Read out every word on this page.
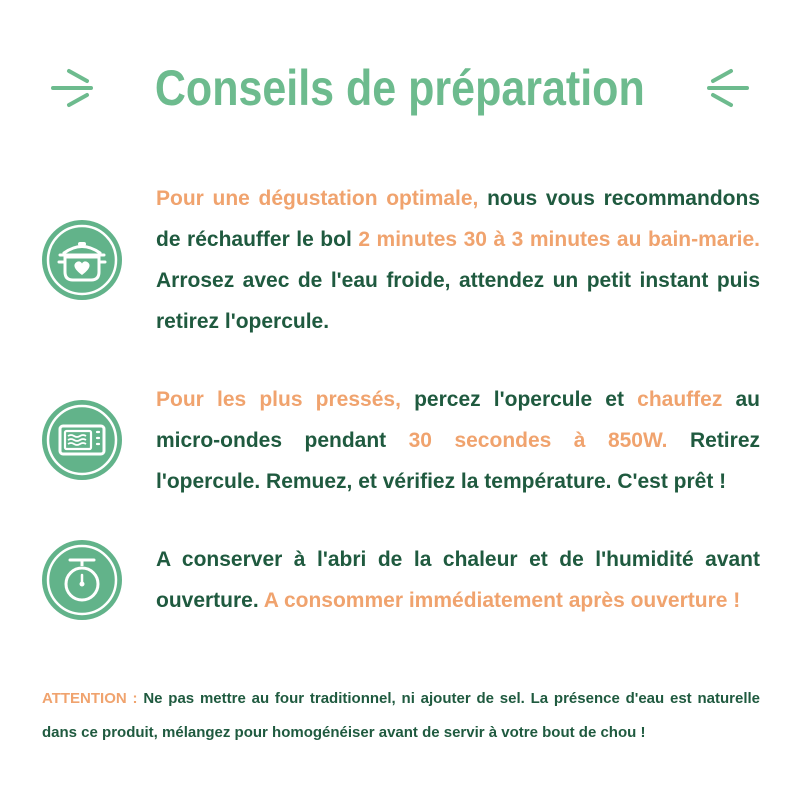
Conseils de préparation
Pour une dégustation optimale, nous vous recommandons de réchauffer le bol 2 minutes 30 à 3 minutes au bain-marie. Arrosez avec de l'eau froide, attendez un petit instant puis retirez l'opercule.
Pour les plus pressés, percez l'opercule et chauffez au micro-ondes pendant 30 secondes à 850W. Retirez l'opercule. Remuez, et vérifiez la température. C'est prêt !
A conserver à l'abri de la chaleur et de l'humidité avant ouverture. A consommer immédiatement après ouverture !
ATTENTION : Ne pas mettre au four traditionnel, ni ajouter de sel. La présence d'eau est naturelle dans ce produit, mélangez pour homogénéiser avant de servir à votre bout de chou !
